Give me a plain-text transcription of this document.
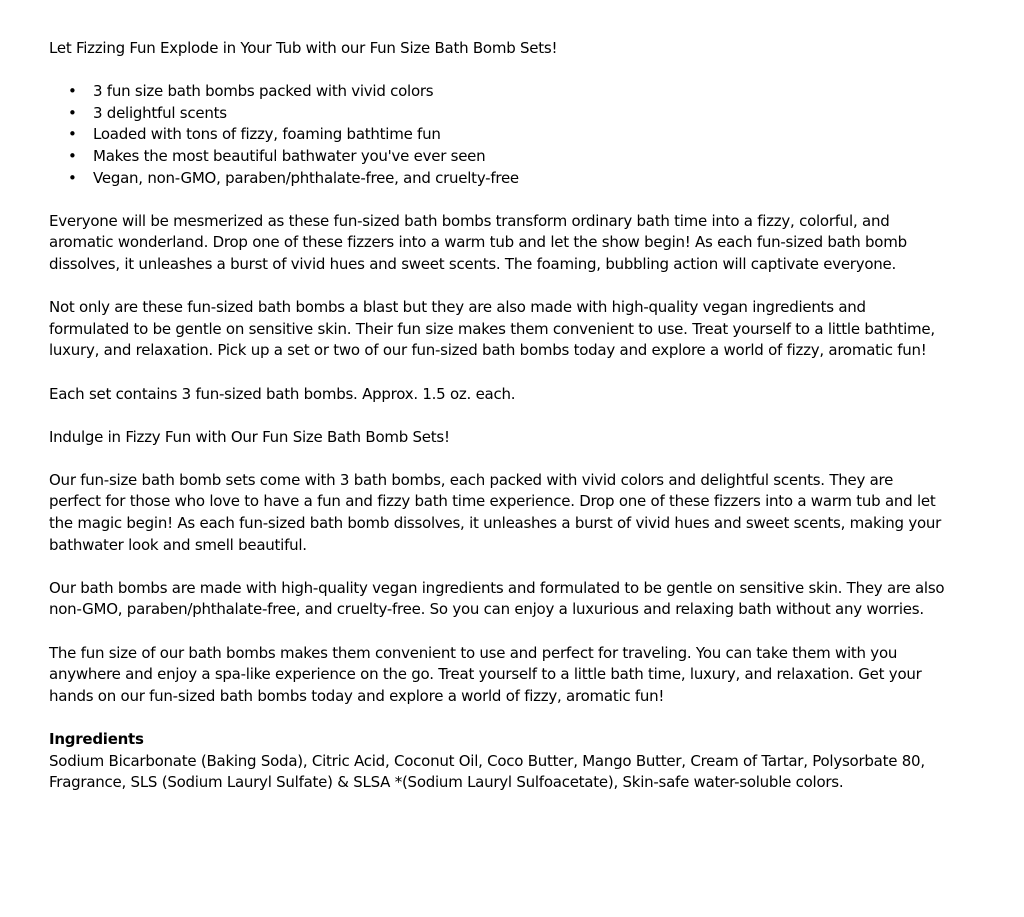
Let Fizzing Fun Explode in Your Tub with our Fun Size Bath Bomb Sets!

• 3 fun size bath bombs packed with vivid colors
• 3 delightful scents
• Loaded with tons of fizzy, foaming bathtime fun
• Makes the most beautiful bathwater you've ever seen
• Vegan, non-GMO, paraben/phthalate-free, and cruelty-free

Everyone will be mesmerized as these fun-sized bath bombs transform ordinary bath time into a fizzy, colorful, and aromatic wonderland. Drop one of these fizzers into a warm tub and let the show begin! As each fun-sized bath bomb dissolves, it unleashes a burst of vivid hues and sweet scents. The foaming, bubbling action will captivate everyone.

Not only are these fun-sized bath bombs a blast but they are also made with high-quality vegan ingredients and formulated to be gentle on sensitive skin. Their fun size makes them convenient to use. Treat yourself to a little bathtime, luxury, and relaxation. Pick up a set or two of our fun-sized bath bombs today and explore a world of fizzy, aromatic fun!

Each set contains 3 fun-sized bath bombs. Approx. 1.5 oz. each.

Indulge in Fizzy Fun with Our Fun Size Bath Bomb Sets!

Our fun-size bath bomb sets come with 3 bath bombs, each packed with vivid colors and delightful scents. They are perfect for those who love to have a fun and fizzy bath time experience. Drop one of these fizzers into a warm tub and let the magic begin! As each fun-sized bath bomb dissolves, it unleashes a burst of vivid hues and sweet scents, making your bathwater look and smell beautiful.

Our bath bombs are made with high-quality vegan ingredients and formulated to be gentle on sensitive skin. They are also non-GMO, paraben/phthalate-free, and cruelty-free. So you can enjoy a luxurious and relaxing bath without any worries.

The fun size of our bath bombs makes them convenient to use and perfect for traveling. You can take them with you anywhere and enjoy a spa-like experience on the go. Treat yourself to a little bath time, luxury, and relaxation. Get your hands on our fun-sized bath bombs today and explore a world of fizzy, aromatic fun!

Ingredients

Sodium Bicarbonate (Baking Soda), Citric Acid, Coconut Oil, Coco Butter, Mango Butter, Cream of Tartar, Polysorbate 80, Fragrance, SLS (Sodium Lauryl Sulfate) & SLSA *(Sodium Lauryl Sulfoacetate), Skin-safe water-soluble colors.
